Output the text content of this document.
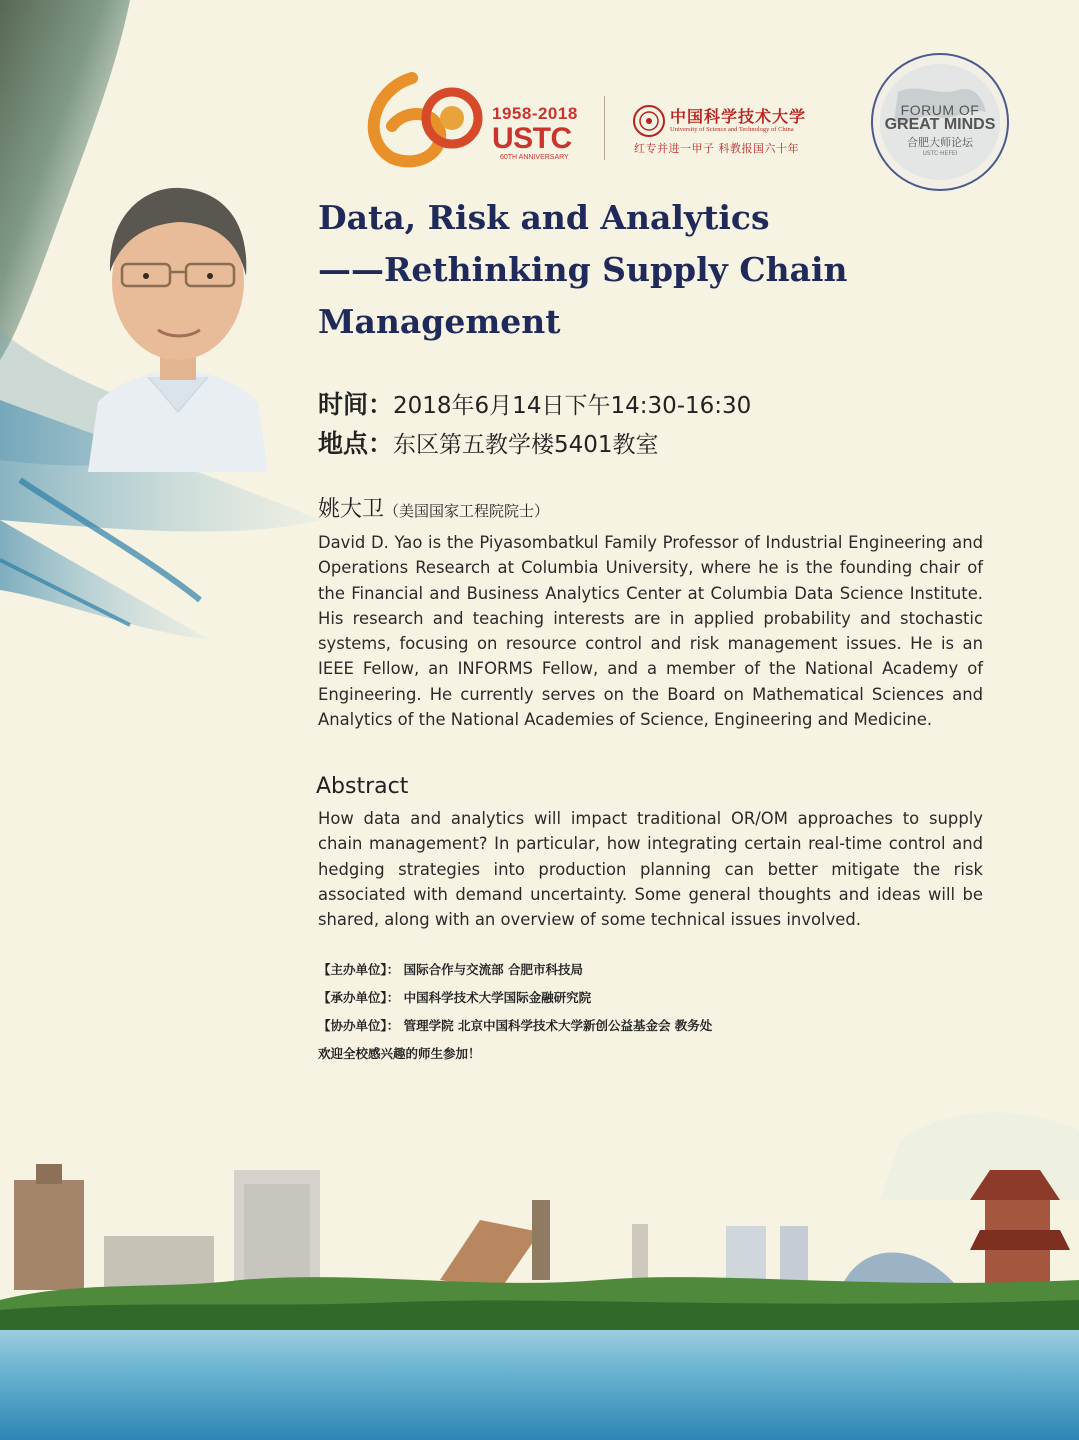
1958-2018
USTC
60TH ANNIVERSARY
中国科学技术大学
University of Science and Technology of China
红专并进一甲子 科教报国六十年
FORUM OF
GREAT MINDS
合肥大师论坛
USTC·HEFEI
Data, Risk and Analytics
——Rethinking Supply Chain
Management
时间：2018年6月14日下午14:30-16:30
地点：东区第五教学楼5401教室
姚大卫（美国国家工程院院士）
David D. Yao is the Piyasombatkul Family Professor of Industrial Engineering and Operations Research at Columbia University, where he is the founding chair of the Financial and Business Analytics Center at Columbia Data Science Institute. His research and teaching interests are in applied probability and stochastic systems, focusing on resource control and risk management issues. He is an IEEE Fellow, an INFORMS Fellow, and a member of the National Academy of Engineering. He currently serves on the Board on Mathematical Sciences and Analytics of the National Academies of Science, Engineering and Medicine.
Abstract
How data and analytics will impact traditional OR/OM approaches to supply chain management? In particular, how integrating certain real-time control and hedging strategies into production planning can better mitigate the risk associated with demand uncertainty. Some general thoughts and ideas will be shared, along with an overview of some technical issues involved.
【主办单位】： 国际合作与交流部 合肥市科技局
【承办单位】： 中国科学技术大学国际金融研究院
【协办单位】： 管理学院 北京中国科学技术大学新创公益基金会 教务处
欢迎全校感兴趣的师生参加！
